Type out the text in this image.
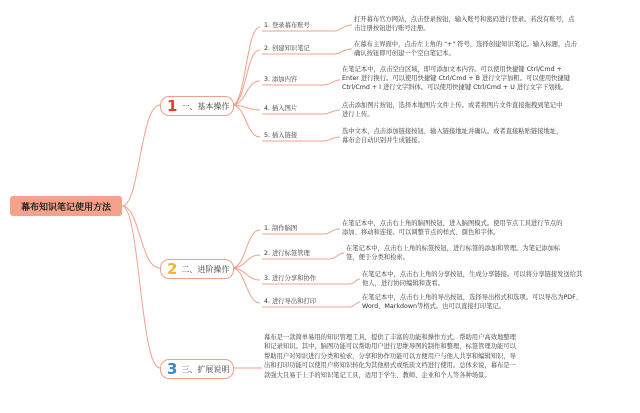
幕布知识笔记使用方法
1 一、基本操作
1. 登录幕布账号
打开幕布官方网站，点击登录按钮，输入账号和密码进行登录。若没有账号，点
击注册按钮进行账号注册。
2. 创建知识笔记
在幕布主界面中，点击左上角的 "+" 符号，选择创建知识笔记。输入标题，点击
确认按钮即可创建一个空白笔记本。
3. 添加内容
在笔记本中，点击空白区域，即可添加文本内容。可以使用快捷键 Ctrl/Cmd +
Enter 进行换行。可以使用快捷键 Ctrl/Cmd + B 进行文字加粗。可以使用快捷键
Ctrl/Cmd + I 进行文字斜体。可以使用快捷键 Ctrl/Cmd + U 进行文字下划线。
4. 插入图片	点击添加图片按钮，选择本地图片文件上传。或者将图片文件直接拖拽到笔记中
进行上传。
5. 插入链接
选中文本，点击添加链接按钮，输入链接地址并确认。或者直接粘贴链接地址，
幕布会自动识别并生成链接。
2 二、进阶操作
1. 制作脑图
在笔记本中，点击右上角的脑图按钮，进入脑图模式。使用节点工具进行节点的
添加、移动和连接。可以调整节点的样式、颜色和字体。
2. 进行标签管理
在笔记本中，点击右上角的标签按钮，进行标签的添加和管理。为笔记添加标
签，便于分类和检索。
3. 进行分享和协作
在笔记本中，点击右上角的分享按钮，生成分享链接。可以将分享链接发送给其
他人，进行协同编辑和查看。
4. 进行导出和打印
在笔记本中，点击右上角的导出按钮，选择导出格式和选项。可以导出为PDF、
Word、Markdown等格式。也可以直接打印笔记。
3 三、扩展说明
幕布是一款简单易用的知识管理工具，提供了丰富的功能和操作方式，帮助用户高效地整理和记录知识。其中，脑图功能可以帮助用户进行思维导图的制作和整理，标签管理功能可以帮助用户对知识进行分类和检索，分享和协作功能可以方便用户与他人共享和编辑知识，导出和打印功能可以使用户将知识转化为其他格式或纸质文档进行使用。总体来说，幕布是一款强大且易于上手的知识笔记工具，适用于学生、教师、企业和个人等各种场景。
